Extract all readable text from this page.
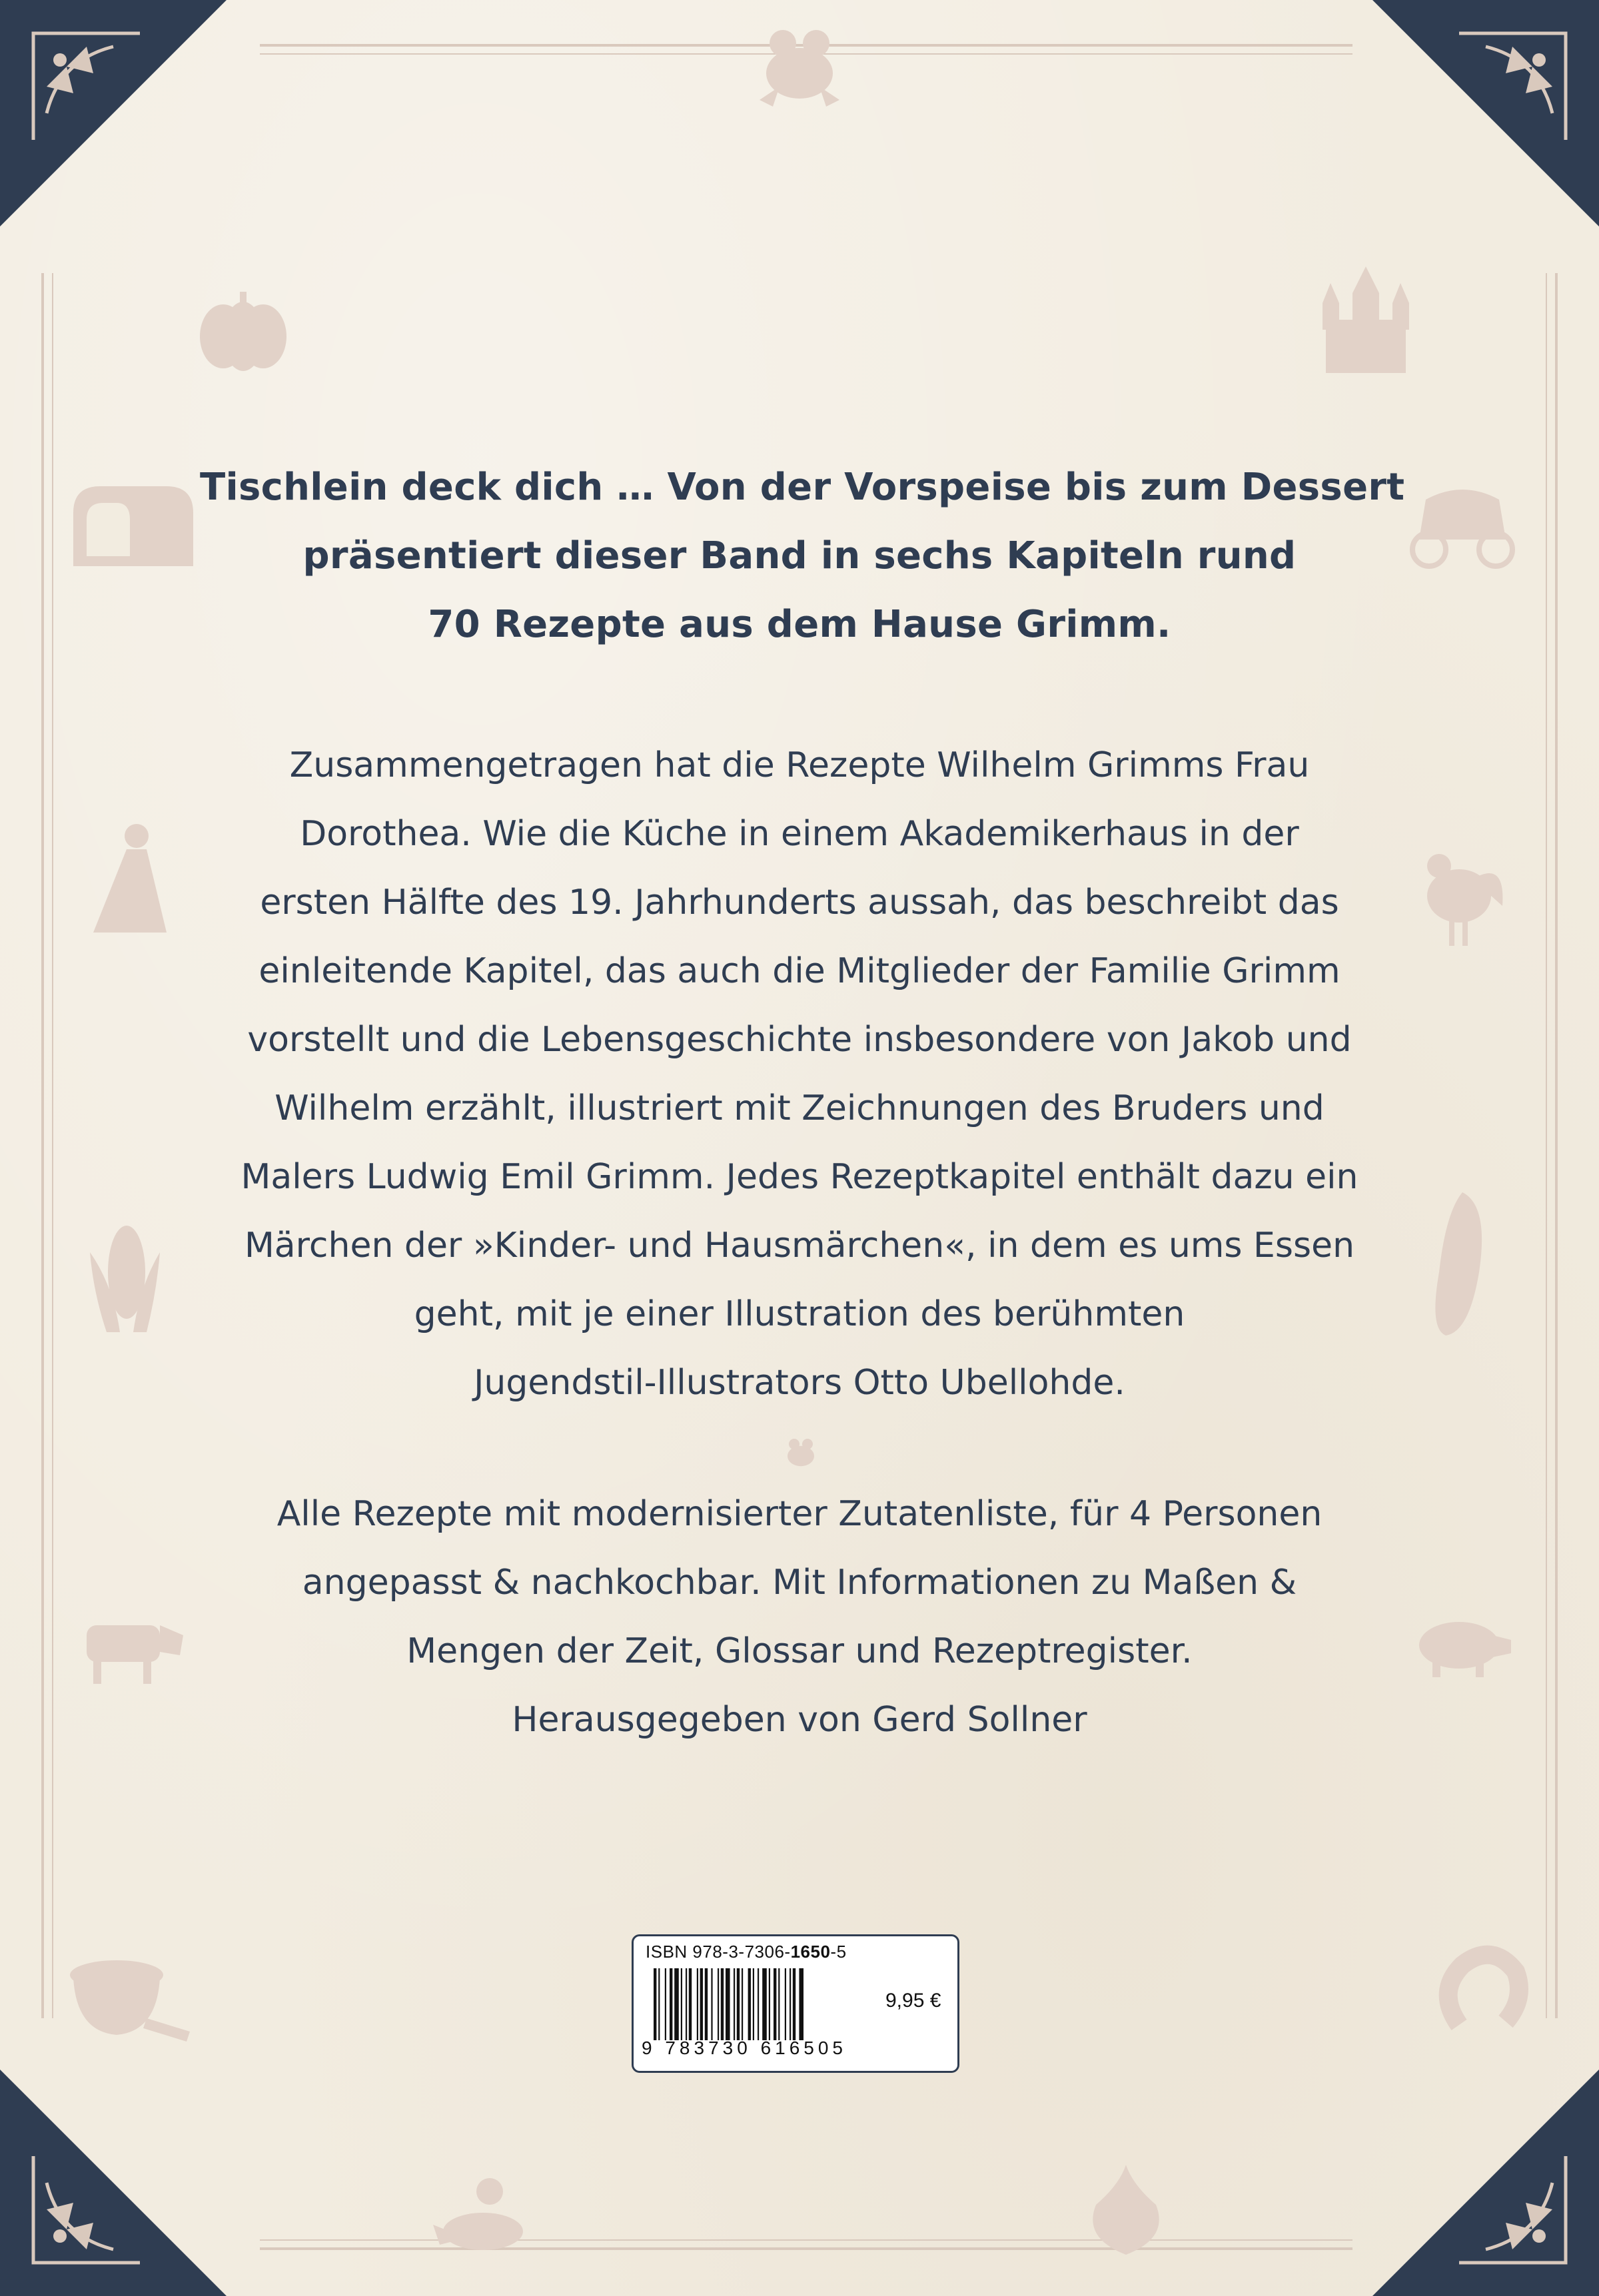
Tischlein deck dich … Von der Vorspeise bis zum Dessert
präsentiert dieser Band in sechs Kapiteln rund
70 Rezepte aus dem Hause Grimm.
Zusammengetragen hat die Rezepte Wilhelm Grimms Frau
Dorothea. Wie die Küche in einem Akademikerhaus in der
ersten Hälfte des 19. Jahrhunderts aussah, das beschreibt das
einleitende Kapitel, das auch die Mitglieder der Familie Grimm
vorstellt und die Lebensgeschichte insbesondere von Jakob und
Wilhelm erzählt, illustriert mit Zeichnungen des Bruders und
Malers Ludwig Emil Grimm. Jedes Rezeptkapitel enthält dazu ein
Märchen der »Kinder- und Hausmärchen«, in dem es ums Essen
geht, mit je einer Illustration des berühmten
Jugendstil-Illustrators Otto Ubellohde.
Alle Rezepte mit modernisierter Zutatenliste, für 4 Personen
angepasst & nachkochbar. Mit Informationen zu Maßen &
Mengen der Zeit, Glossar und Rezeptregister.
Herausgegeben von Gerd Sollner
ISBN 978-3-7306-1650-5
9 783730 616505
9,95 €
